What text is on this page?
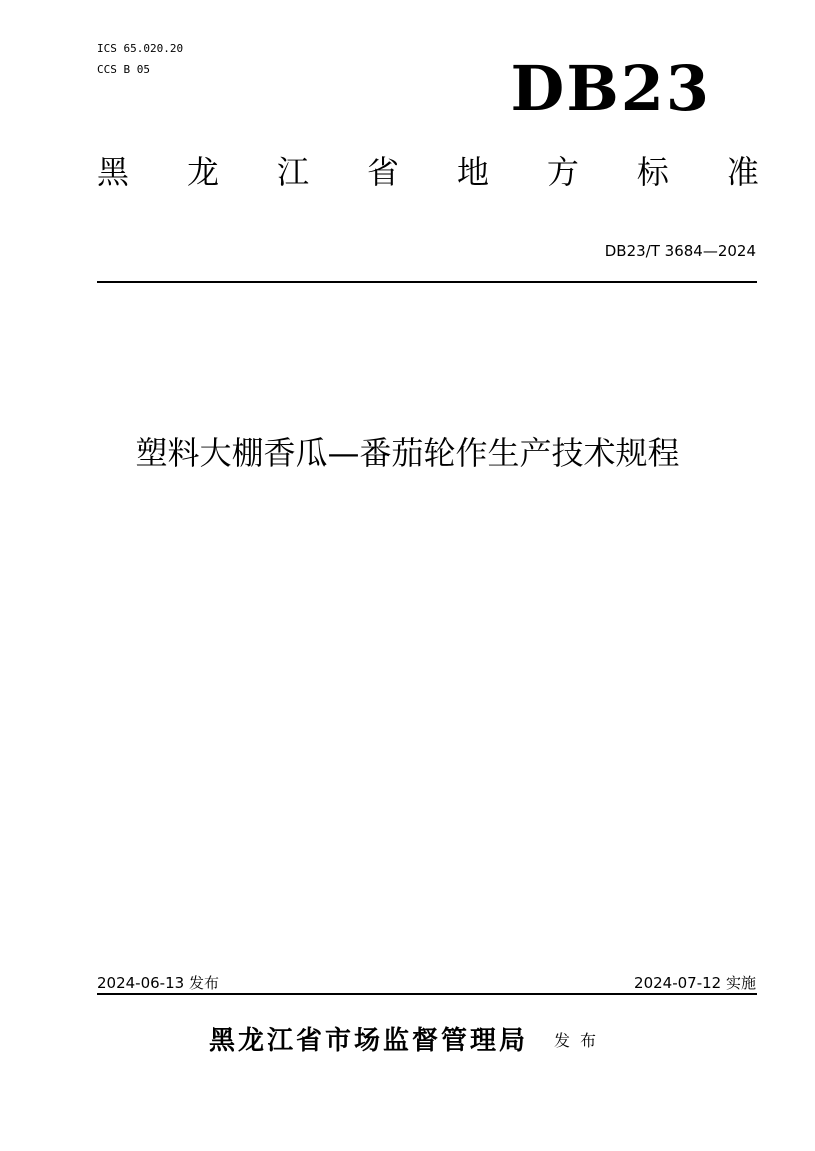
ICS 65.020.20
CCS B 05	DB23
黑 龙 江 省 地 方 标 准
DB23/T 3684—2024
塑料大棚香瓜—番茄轮作生产技术规程
2024-06-13 发布	2024-07-12 实施
黑龙江省市场监督管理局 发布
